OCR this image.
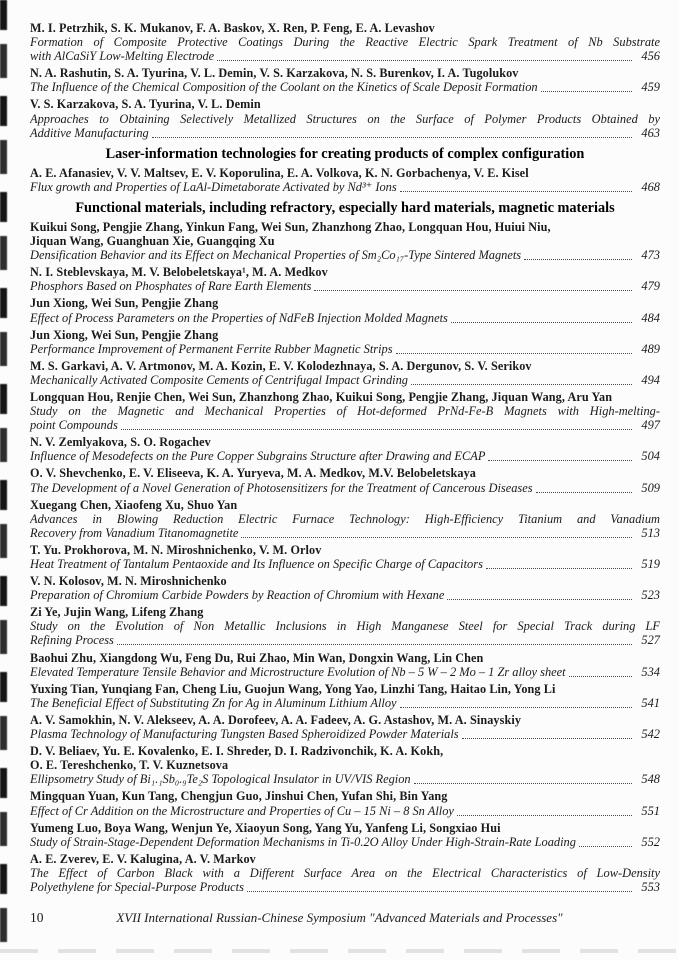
M. I. Petrzhik, S. K. Mukanov, F. A. Baskov, X. Ren, P. Feng, E. A. Levashov
Formation of Composite Protective Coatings During the Reactive Electric Spark Treatment of Nb Substrate
with AlCaSiY Low-Melting Electrode	456
N. A. Rashutin, S. A. Tyurina, V. L. Demin, V. S. Karzakova, N. S. Burenkov, I. A. Tugolukov
The Influence of the Chemical Composition of the Coolant on the Kinetics of Scale Deposit Formation	459
V. S. Karzakova, S. A. Tyurina, V. L. Demin
Approaches to Obtaining Selectively Metallized Structures on the Surface of Polymer Products Obtained by
Additive Manufacturing	463
Laser-information technologies for creating products of complex configuration
A. E. Afanasiev, V. V. Maltsev, E. V. Koporulina, E. A. Volkova, K. N. Gorbachenya, V. E. Kisel
Flux growth and Properties of LaAl-Dimetaborate Activated by Nd³⁺ Ions	468
Functional materials, including refractory, especially hard materials, magnetic materials
Kuikui Song, Pengjie Zhang, Yinkun Fang, Wei Sun, Zhanzhong Zhao, Longquan Hou, Huiui Niu,
Jiquan Wang, Guanghuan Xie, Guangqing Xu
Densification Behavior and its Effect on Mechanical Properties of Sm₂Co₁₇-Type Sintered Magnets	473
N. I. Steblevskaya, M. V. Belobeletskaya¹, M. A. Medkov
Phosphors Based on Phosphates of Rare Earth Elements	479
Jun Xiong, Wei Sun, Pengjie Zhang
Effect of Process Parameters on the Properties of NdFeB Injection Molded Magnets	484
Jun Xiong, Wei Sun, Pengjie Zhang
Performance Improvement of Permanent Ferrite Rubber Magnetic Strips	489
M. S. Garkavi, A. V. Artmonov, M. A. Kozin, E. V. Kolodezhnaya, S. A. Dergunov, S. V. Serikov
Mechanically Activated Composite Cements of Centrifugal Impact Grinding	494
Longquan Hou, Renjie Chen, Wei Sun, Zhanzhong Zhao, Kuikui Song, Pengjie Zhang, Jiquan Wang, Aru Yan
Study on the Magnetic and Mechanical Properties of Hot-deformed PrNd-Fe-B Magnets with High-melting-
point Compounds	497
N. V. Zemlyakova, S. O. Rogachev
Influence of Mesodefects on the Pure Copper Subgrains Structure after Drawing and ECAP	504
O. V. Shevchenko, E. V. Eliseeva, K. A. Yuryeva, M. A. Medkov, M.V. Belobeletskaya
The Development of a Novel Generation of Photosensitizers for the Treatment of Cancerous Diseases	509
Xuegang Chen, Xiaofeng Xu, Shuo Yan
Advances in Blowing Reduction Electric Furnace Technology: High-Efficiency Titanium and Vanadium
Recovery from Vanadium Titanomagnetite	513
T. Yu. Prokhorova, M. N. Miroshnichenko, V. M. Orlov
Heat Treatment of Tantalum Pentaoxide and Its Influence on Specific Charge of Capacitors	519
V. N. Kolosov, M. N. Miroshnichenko
Preparation of Chromium Carbide Powders by Reaction of Chromium with Hexane	523
Zi Ye, Jujin Wang, Lifeng Zhang
Study on the Evolution of Non Metallic Inclusions in High Manganese Steel for Special Track during LF
Refining Process	527
Baohui Zhu, Xiangdong Wu, Feng Du, Rui Zhao, Min Wan, Dongxin Wang, Lin Chen
Elevated Temperature Tensile Behavior and Microstructure Evolution of Nb – 5 W – 2 Mo – 1 Zr alloy sheet	534
Yuxing Tian, Yunqiang Fan, Cheng Liu, Guojun Wang, Yong Yao, Linzhi Tang, Haitao Lin, Yong Li
The Beneficial Effect of Substituting Zn for Ag in Aluminum Lithium Alloy	541
A. V. Samokhin, N. V. Alekseev, A. A. Dorofeev, A. A. Fadeev, A. G. Astashov, M. A. Sinayskiy
Plasma Technology of Manufacturing Tungsten Based Spheroidized Powder Materials	542
D. V. Beliaev, Yu. E. Kovalenko, E. I. Shreder, D. I. Radzivonchik, K. A. Kokh,
O. E. Tereshchenko, T. V. Kuznetsova
Ellipsometry Study of Bi₁.₁Sb₀.₉Te₂S Topological Insulator in UV/VIS Region	548
Mingquan Yuan, Kun Tang, Chengjun Guo, Jinshui Chen, Yufan Shi, Bin Yang
Effect of Cr Addition on the Microstructure and Properties of Cu – 15 Ni – 8 Sn Alloy	551
Yumeng Luo, Boya Wang, Wenjun Ye, Xiaoyun Song, Yang Yu, Yanfeng Li, Songxiao Hui
Study of Strain-Stage-Dependent Deformation Mechanisms in Ti-0.2O Alloy Under High-Strain-Rate Loading	552
A. E. Zverev, E. V. Kalugina, A. V. Markov
The Effect of Carbon Black with a Different Surface Area on the Electrical Characteristics of Low-Density
Polyethylene for Special-Purpose Products	553
10	XVII International Russian-Chinese Symposium "Advanced Materials and Processes"
